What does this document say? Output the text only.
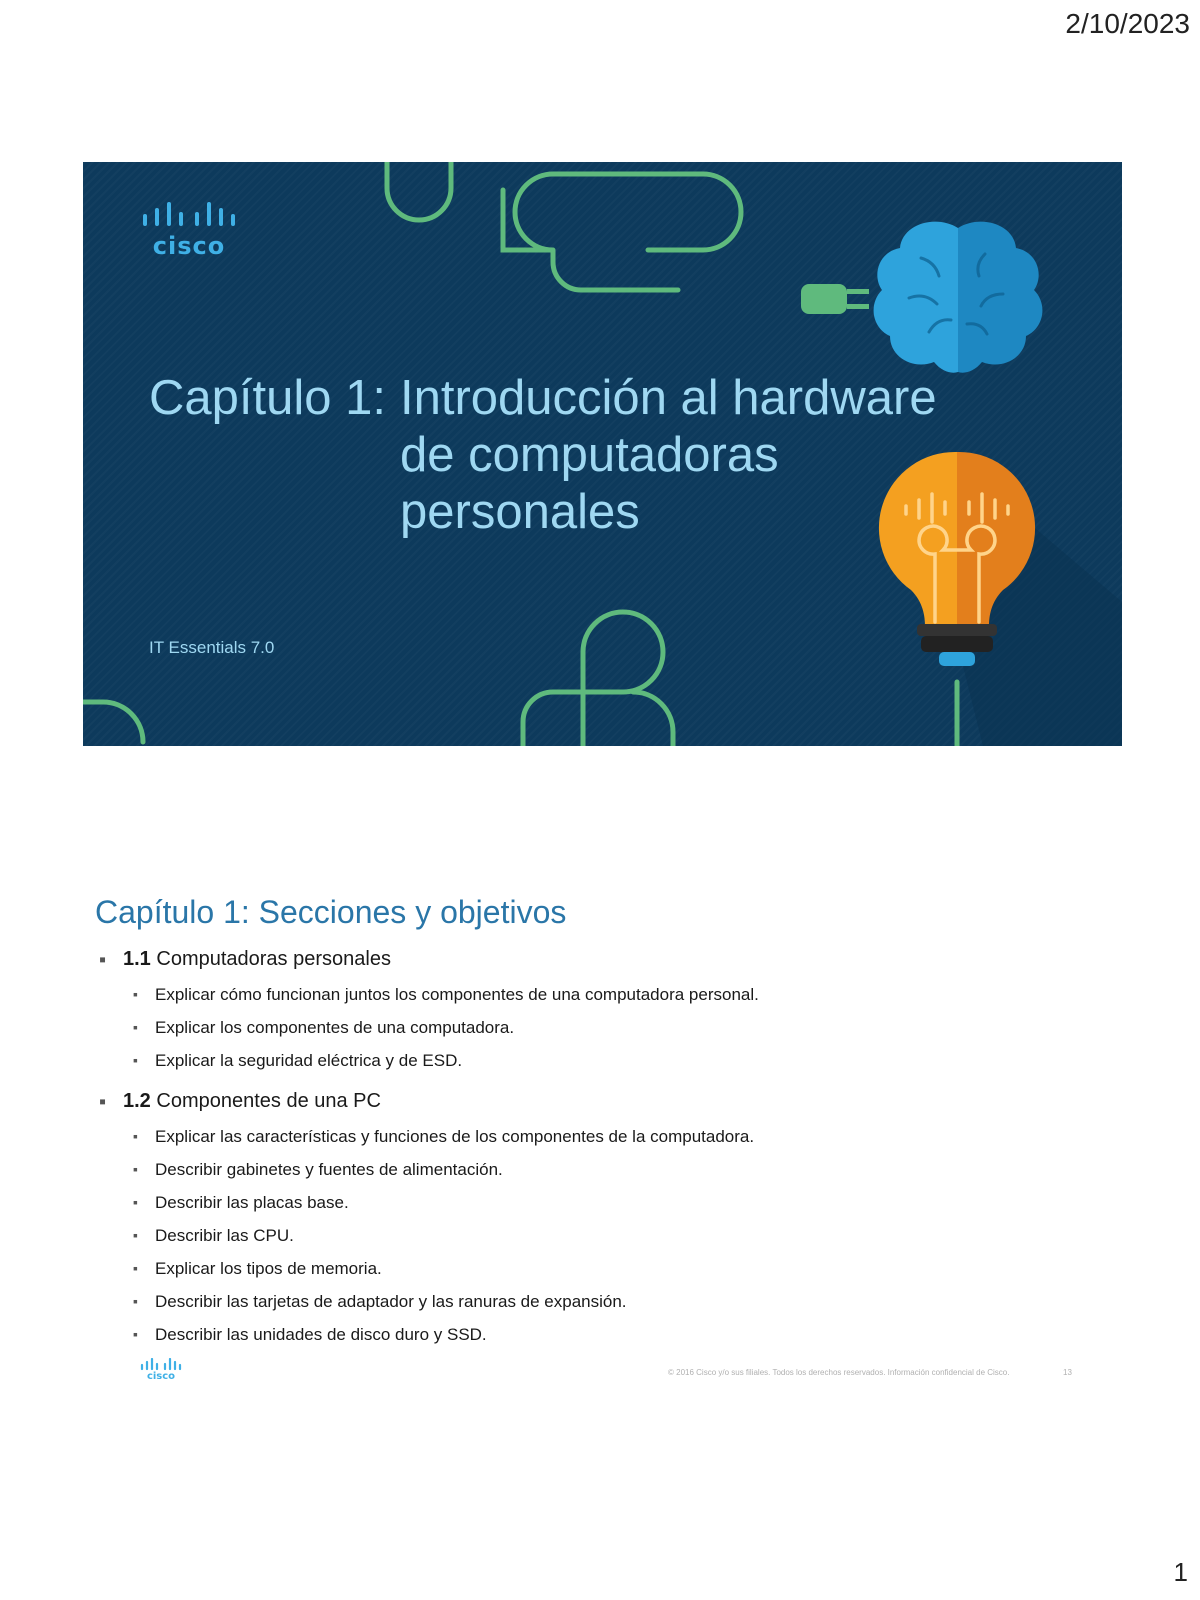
2/10/2023
cisco
Capítulo 1: Introducción al hardware de computadoras personales
IT Essentials 7.0
Capítulo 1: Secciones y objetivos
▪ 1.1 Computadoras personales
▪ Explicar cómo funcionan juntos los componentes de una computadora personal.
▪ Explicar los componentes de una computadora.
▪ Explicar la seguridad eléctrica y de ESD.
▪ 1.2 Componentes de una PC
▪ Explicar las características y funciones de los componentes de la computadora.
▪ Describir gabinetes y fuentes de alimentación.
▪ Describir las placas base.
▪ Describir las CPU.
▪ Explicar los tipos de memoria.
▪ Describir las tarjetas de adaptador y las ranuras de expansión.
▪ Describir las unidades de disco duro y SSD.
cisco	© 2016 Cisco y/o sus filiales. Todos los derechos reservados. Información confidencial de Cisco.	13
1
